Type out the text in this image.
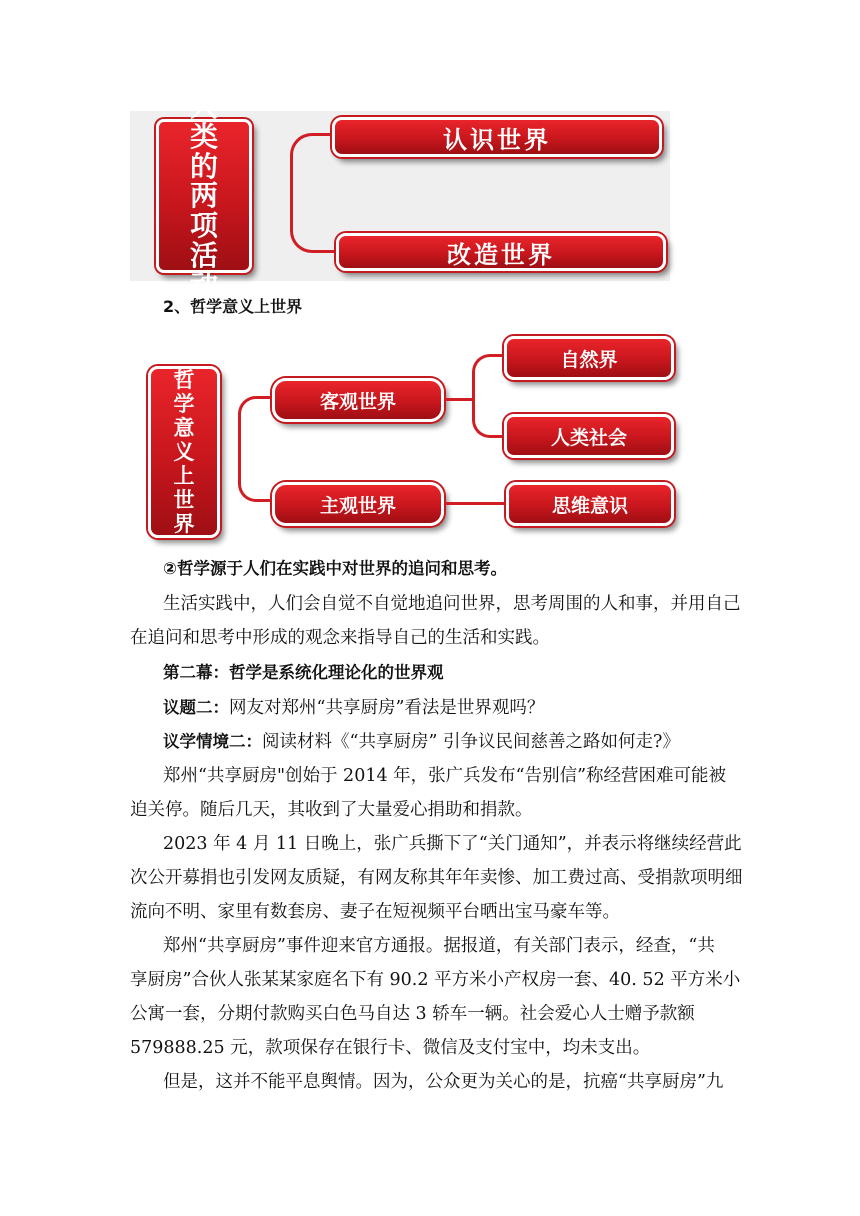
人类的两项活动
认识世界
改造世界
2、哲学意义上世界
哲学意义上世界
客观世界
主观世界
自然界
人类社会
思维意识
②哲学源于人们在实践中对世界的追问和思考。
生活实践中，人们会自觉不自觉地追问世界，思考周围的人和事，并用自己
在追问和思考中形成的观念来指导自己的生活和实践。
第二幕：哲学是系统化理论化的世界观
议题二：网友对郑州“共享厨房”看法是世界观吗？
议学情境二：阅读材料《“共享厨房” 引争议民间慈善之路如何走?》
郑州“共享厨房"创始于 2014 年，张广兵发布“告别信”称经营困难可能被
迫关停。随后几天，其收到了大量爱心捐助和捐款。
2023 年 4 月 11 日晚上，张广兵撕下了“关门通知”，并表示将继续经营此
次公开募捐也引发网友质疑，有网友称其年年卖惨、加工费过高、受捐款项明细
流向不明、家里有数套房、妻子在短视频平台晒出宝马豪车等。
郑州“共享厨房”事件迎来官方通报。据报道，有关部门表示，经查，“共
享厨房”合伙人张某某家庭名下有 90.2 平方米小产权房一套、40. 52 平方米小
公寓一套，分期付款购买白色马自达 3 轿车一辆。社会爱心人士赠予款额
579888.25 元，款项保存在银行卡、微信及支付宝中，均未支出。
但是，这并不能平息舆情。因为，公众更为关心的是，抗癌“共享厨房”九
